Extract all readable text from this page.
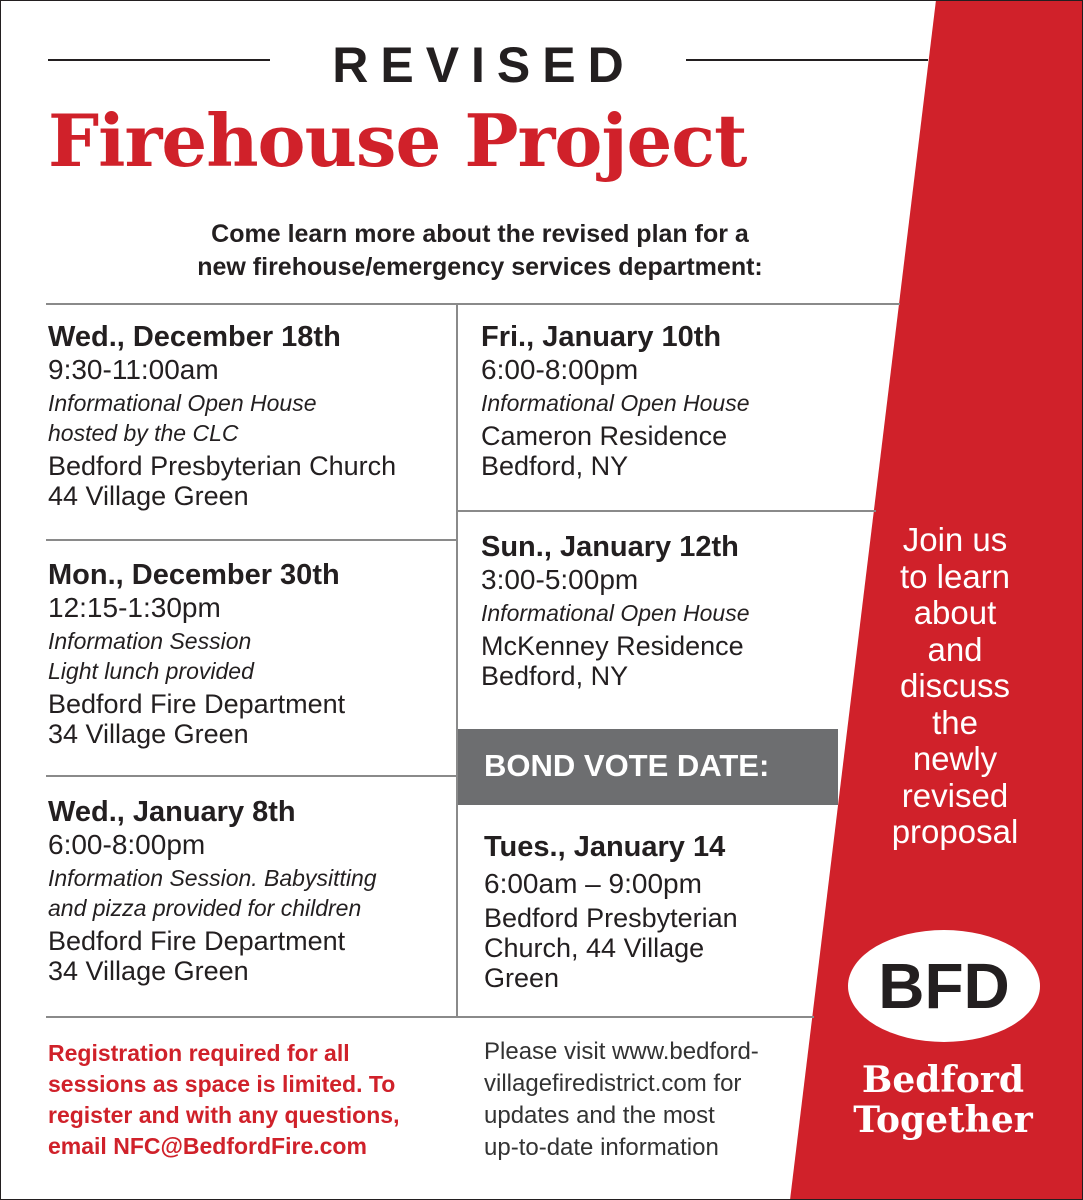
REVISED
Firehouse Project
Come learn more about the revised plan for a
new firehouse/emergency services department:
Wed., December 18th
9:30-11:00am
Informational Open House
hosted by the CLC
Bedford Presbyterian Church
44 Village Green
Mon., December 30th
12:15-1:30pm
Information Session
Light lunch provided
Bedford Fire Department
34 Village Green
Wed., January 8th
6:00-8:00pm
Information Session. Babysitting
and pizza provided for children
Bedford Fire Department
34 Village Green
Fri., January 10th
6:00-8:00pm
Informational Open House
Cameron Residence
Bedford, NY
Sun., January 12th
3:00-5:00pm
Informational Open House
McKenney Residence
Bedford, NY
BOND VOTE DATE:
Tues., January 14
6:00am – 9:00pm
Bedford Presbyterian
Church, 44 Village
Green
Registration required for all
sessions as space is limited. To
register and with any questions,
email NFC@BedfordFire.com
Please visit www.bedford-
villagefiredistrict.com for
updates and the most
up-to-date information
Join us
to learn
about
and
discuss
the
newly
revised
proposal
BFD
Bedford
Together
